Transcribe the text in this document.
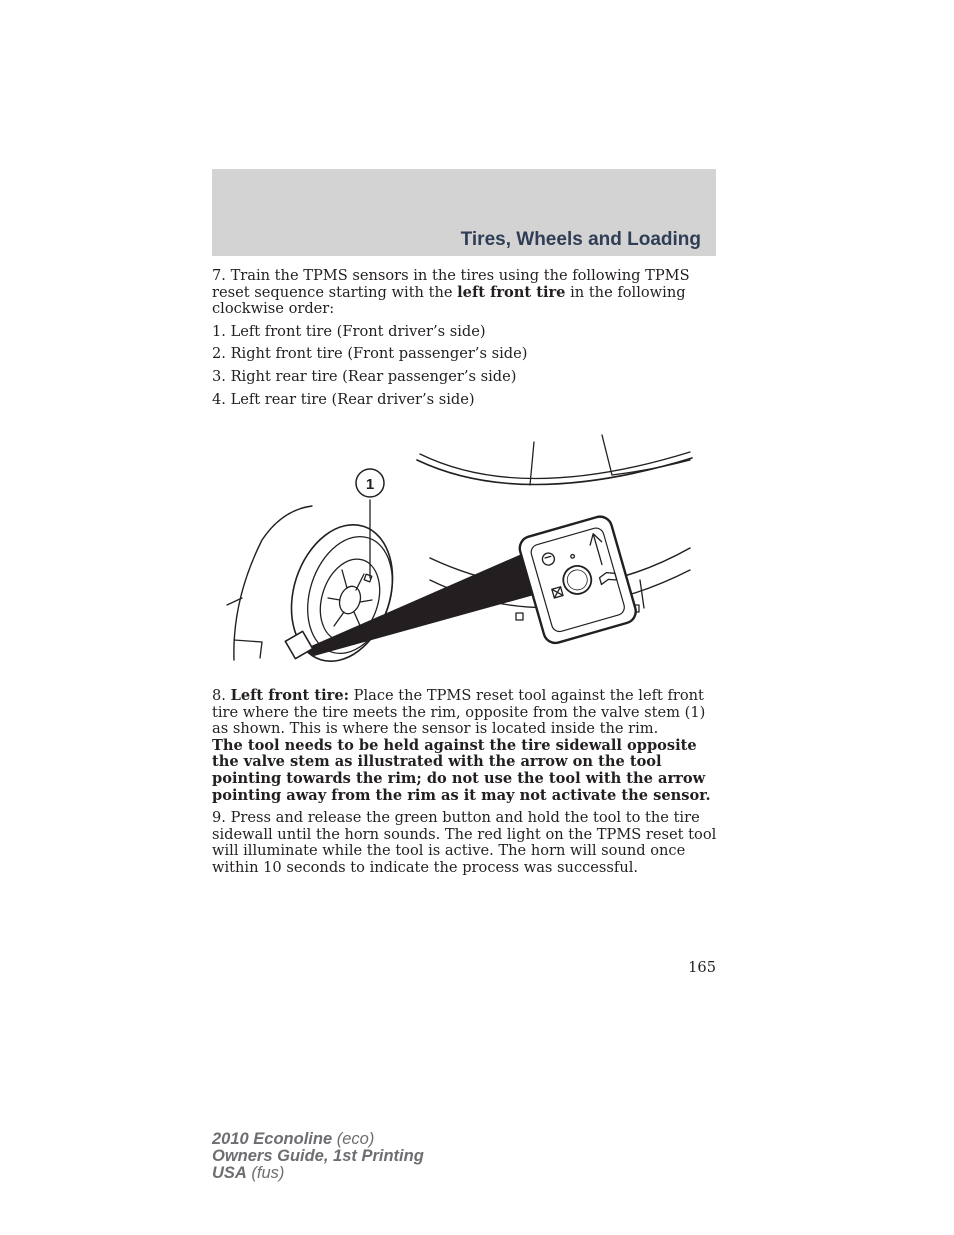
Tires, Wheels and Loading

7. Train the TPMS sensors in the tires using the following TPMS reset sequence starting with the left front tire in the following clockwise order:

1. Left front tire (Front driver’s side)
2. Right front tire (Front passenger’s side)
3. Right rear tire (Rear passenger’s side)
4. Left rear tire (Rear driver’s side)
1

8. Left front tire: Place the TPMS reset tool against the left front tire where the tire meets the rim, opposite from the valve stem (1) as shown. This is where the sensor is located inside the rim.

The tool needs to be held against the tire sidewall opposite the valve stem as illustrated with the arrow on the tool pointing towards the rim; do not use the tool with the arrow pointing away from the rim as it may not activate the sensor.

9. Press and release the green button and hold the tool to the tire sidewall until the horn sounds. The red light on the TPMS reset tool will illuminate while the tool is active. The horn will sound once within 10 seconds to indicate the process was successful.

165
2010 Econoline (eco)
Owners Guide, 1st Printing
USA (fus)
